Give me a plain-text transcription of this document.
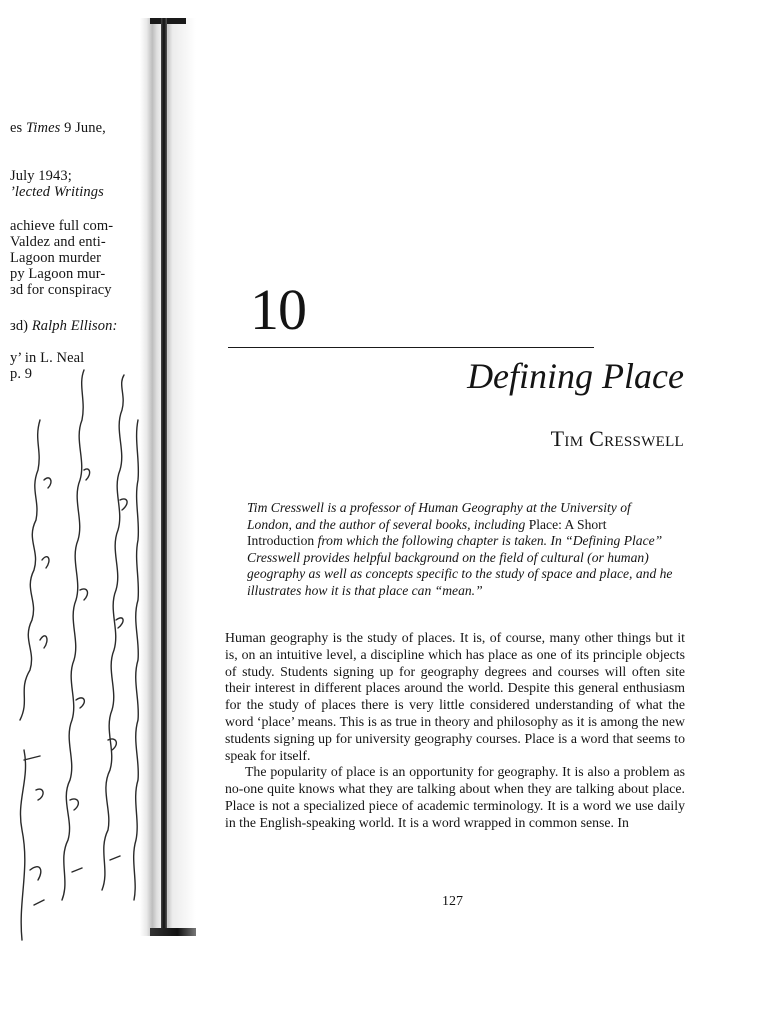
еs Times 9 June,
July 1943;
’lected Writings
achieve full com-
Valdez and enti-
Lagoon murder
py Lagoon mur-
зd for conspiracy
зd) Ralph Ellison:
y’ in L. Neal
p. 9
10
Defining Place
Tim Cresswell

Tim Cresswell is a professor of Human Geography at the University of London, and the author of several books, including Place: A Short Introduction from which the following chapter is taken. In “Defining Place” Cresswell provides helpful background on the field of cultural (or human) geography as well as concepts specific to the study of space and place, and he illustrates how it is that place can “mean.”

Human geography is the study of places. It is, of course, many other things but it is, on an intuitive level, a discipline which has place as one of its principle objects of study. Students signing up for geography degrees and courses will often site their interest in different places around the world. Despite this general enthusiasm for the study of places there is very little considered understanding of what the word ‘place’ means. This is as true in theory and philosophy as it is among the new students signing up for university geography courses. Place is a word that seems to speak for itself.

The popularity of place is an opportunity for geography. It is also a problem as no-one quite knows what they are talking about when they are talking about place. Place is not a specialized piece of academic terminology. It is a word we use daily in the English-speaking world. It is a word wrapped in common sense. In

127
